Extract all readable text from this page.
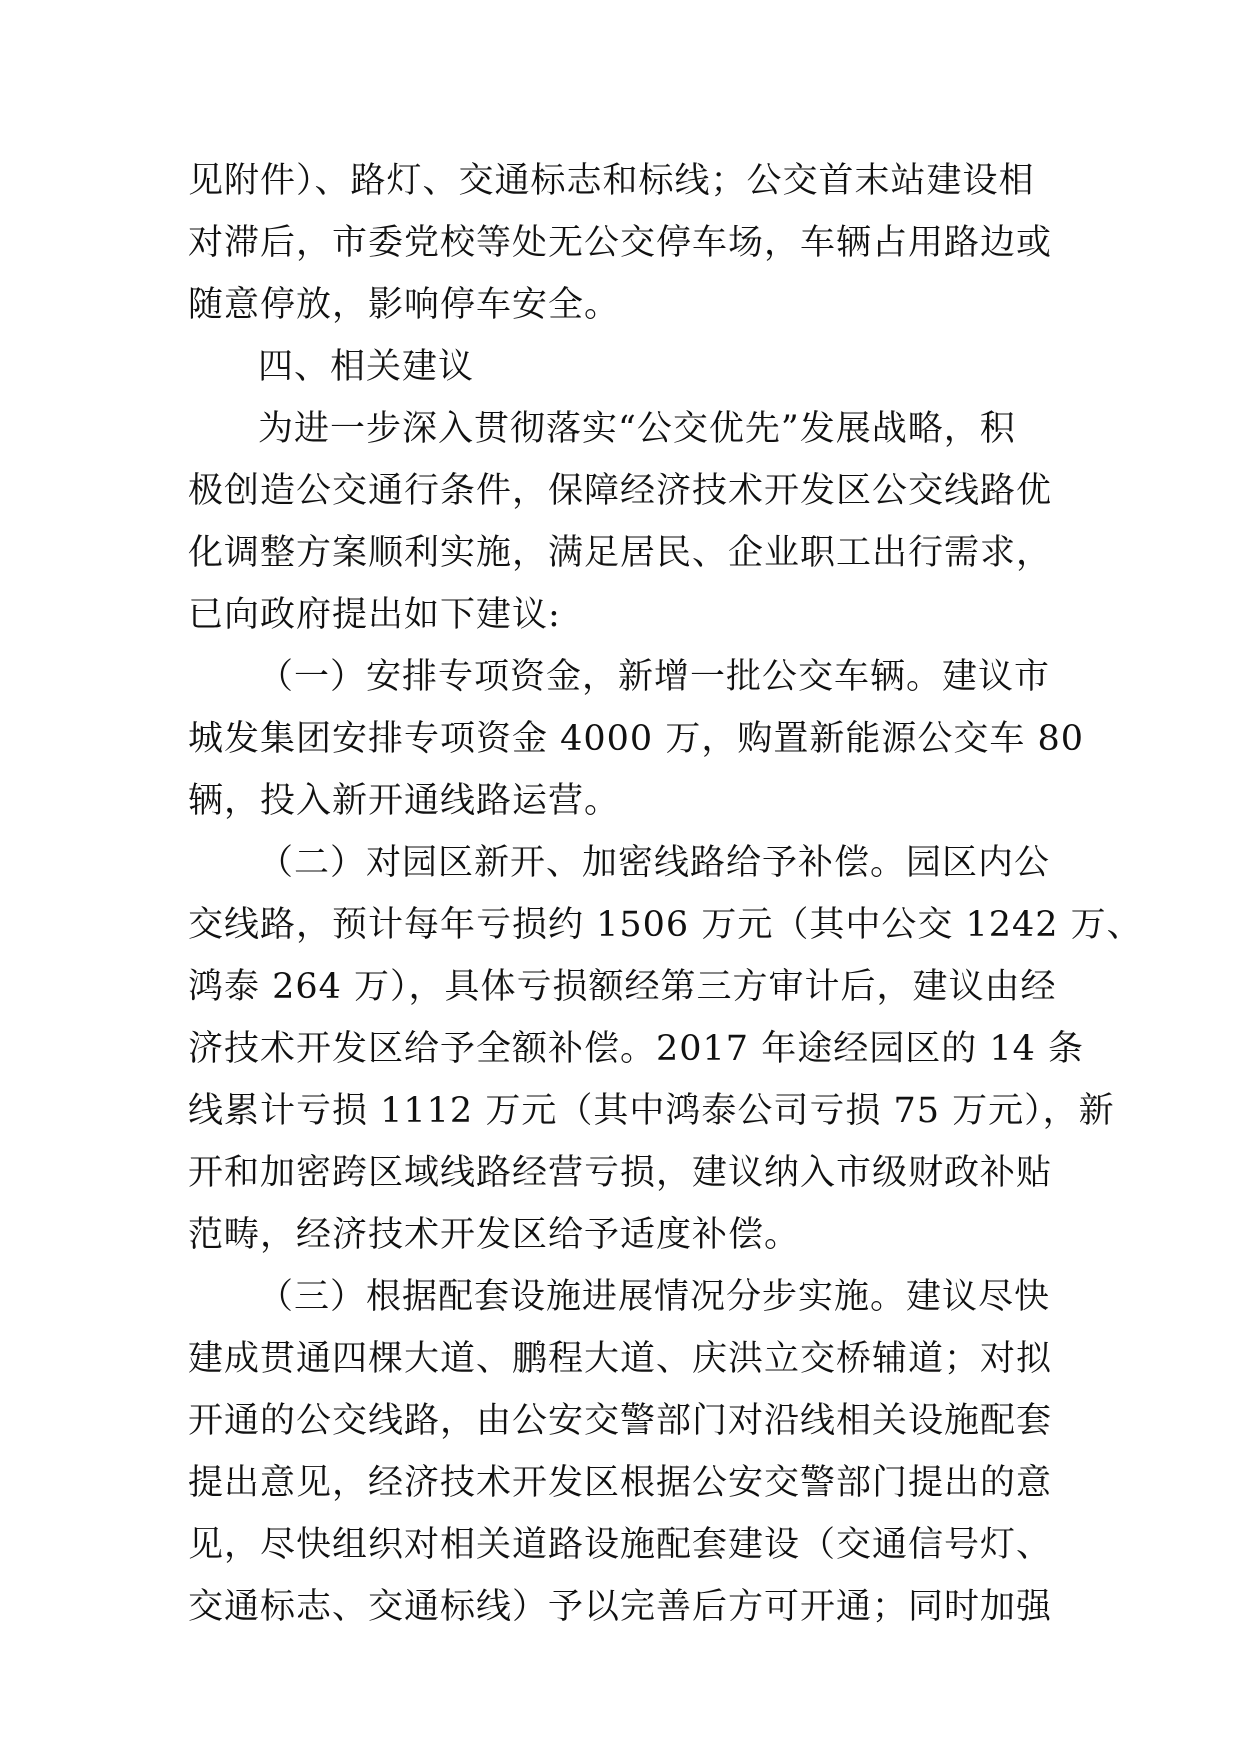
见附件）、路灯、交通标志和标线；公交首末站建设相
对滞后，市委党校等处无公交停车场，车辆占用路边或
随意停放，影响停车安全。
四、相关建议
为进一步深入贯彻落实“公交优先”发展战略，积
极创造公交通行条件，保障经济技术开发区公交线路优
化调整方案顺利实施，满足居民、企业职工出行需求，
已向政府提出如下建议:
（一）安排专项资金，新增一批公交车辆。建议市
城发集团安排专项资金 4000 万，购置新能源公交车 80
辆，投入新开通线路运营。
（二）对园区新开、加密线路给予补偿。园区内公
交线路，预计每年亏损约 1506 万元（其中公交 1242 万、
鸿泰 264 万），具体亏损额经第三方审计后，建议由经
济技术开发区给予全额补偿。2017 年途经园区的 14 条
线累计亏损 1112 万元（其中鸿泰公司亏损 75 万元），新
开和加密跨区域线路经营亏损，建议纳入市级财政补贴
范畴，经济技术开发区给予适度补偿。
（三）根据配套设施进展情况分步实施。建议尽快
建成贯通四棵大道、鹏程大道、庆洪立交桥辅道；对拟
开通的公交线路，由公安交警部门对沿线相关设施配套
提出意见，经济技术开发区根据公安交警部门提出的意
见，尽快组织对相关道路设施配套建设（交通信号灯、
交通标志、交通标线）予以完善后方可开通；同时加强
